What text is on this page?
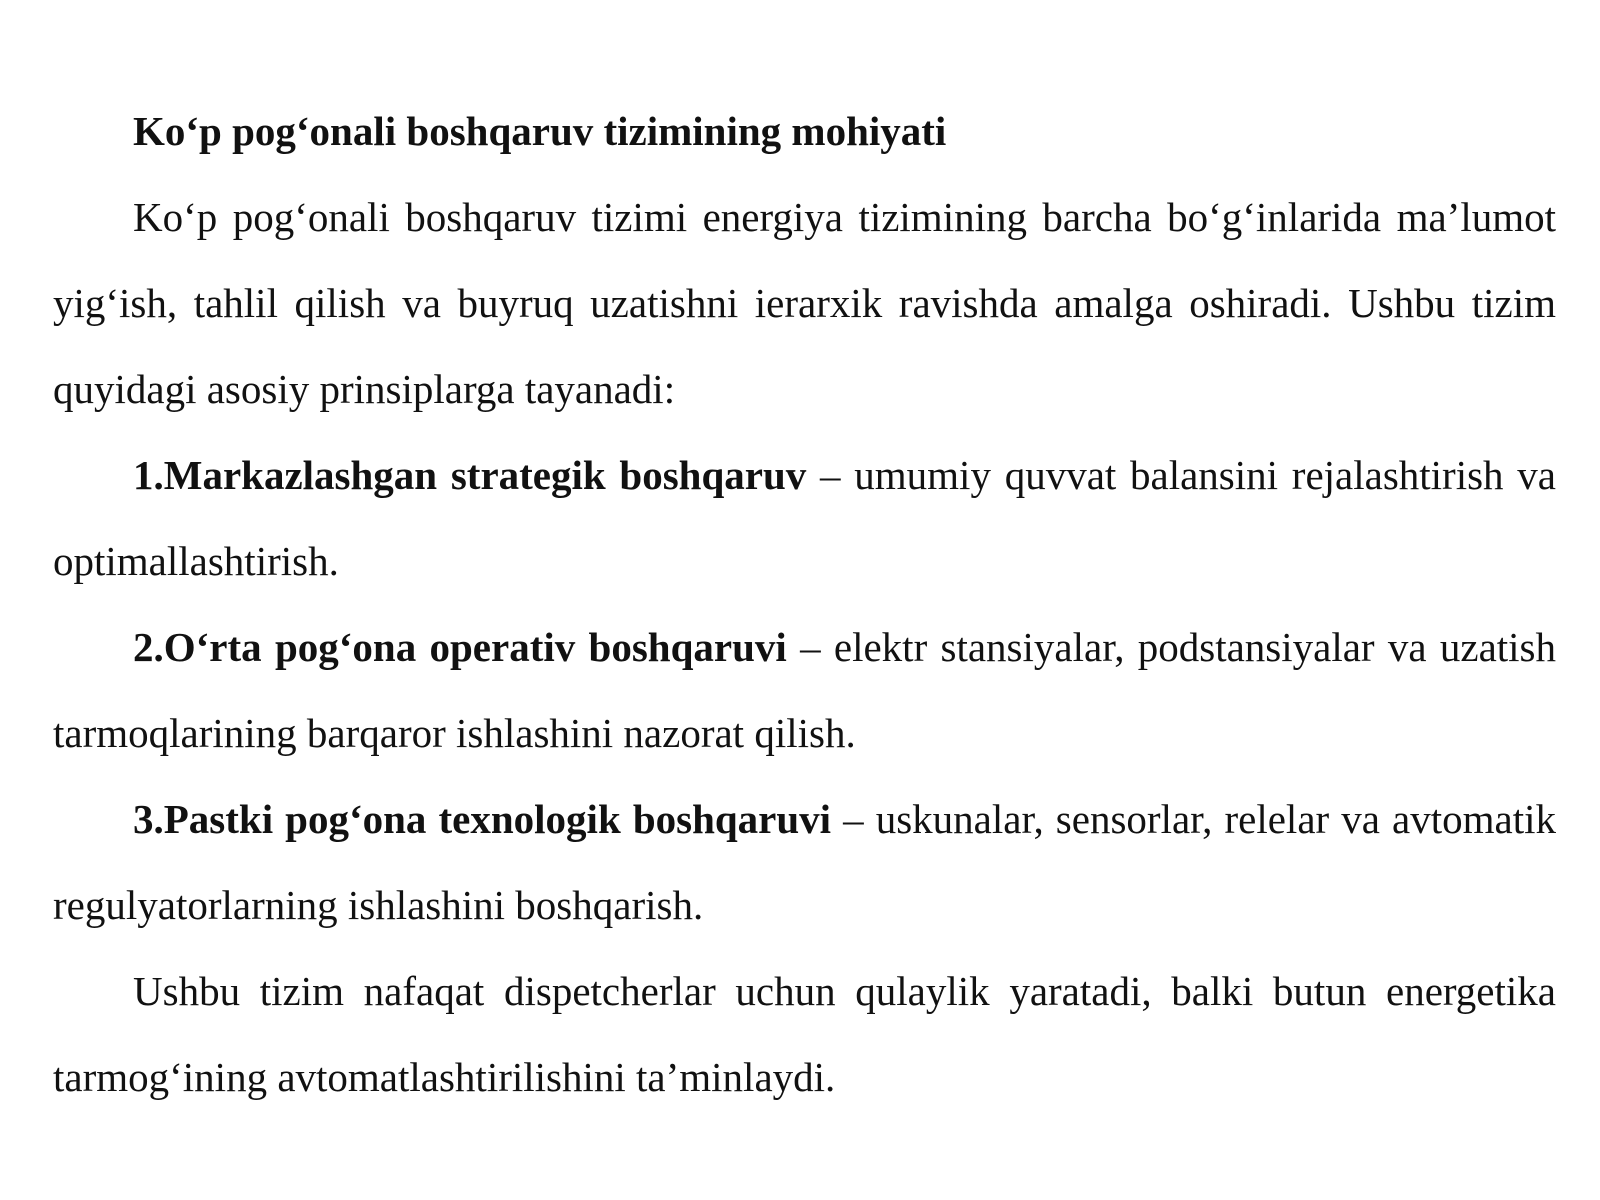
Ko‘p pog‘onali boshqaruv tizimining mohiyati

Ko‘p pog‘onali boshqaruv tizimi energiya tizimining barcha bo‘g‘inlarida ma’lumot yig‘ish, tahlil qilish va buyruq uzatishni ierarxik ravishda amalga oshiradi. Ushbu tizim quyidagi asosiy prinsiplarga tayanadi:

1.Markazlashgan strategik boshqaruv – umumiy quvvat balansini rejalashtirish va optimallashtirish.

2.O‘rta pog‘ona operativ boshqaruvi – elektr stansiyalar, podstansiyalar va uzatish tarmoqlarining barqaror ishlashini nazorat qilish.

3.Pastki pog‘ona texnologik boshqaruvi – uskunalar, sensorlar, relelar va avtomatik regulyatorlarning ishlashini boshqarish.

Ushbu tizim nafaqat dispetcherlar uchun qulaylik yaratadi, balki butun energetika tarmog‘ining avtomatlashtirilishini ta’minlaydi.
